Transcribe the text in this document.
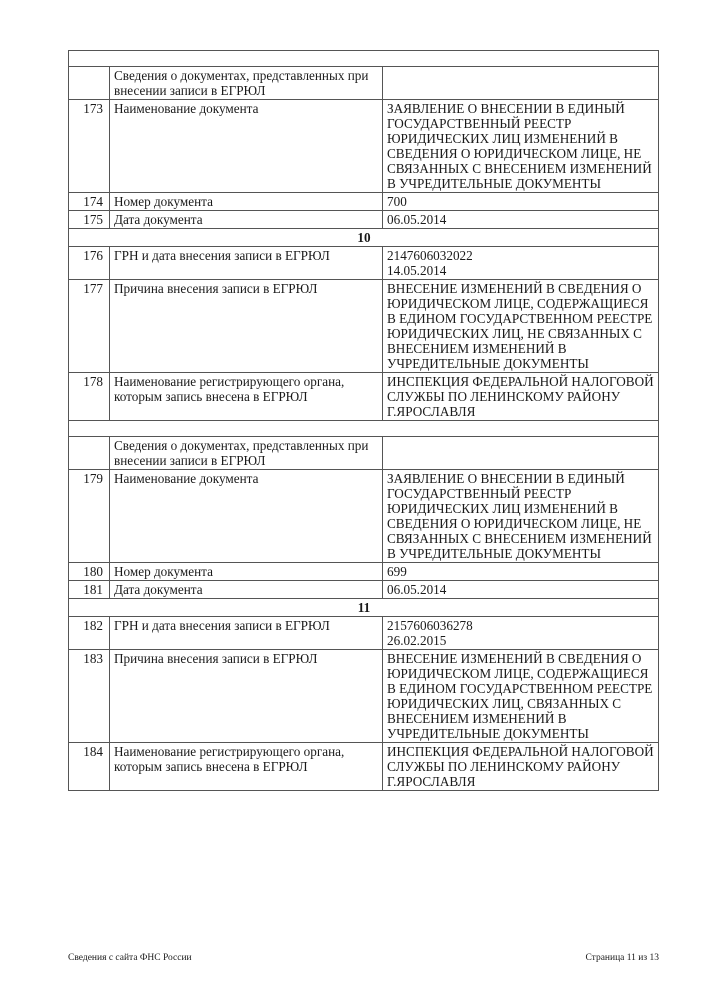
	Сведения о документах, представленных при внесении записи в ЕГРЮЛ	
173	Наименование документа	ЗАЯВЛЕНИЕ О ВНЕСЕНИИ В ЕДИНЫЙ ГОСУДАРСТВЕННЫЙ РЕЕСТР ЮРИДИЧЕСКИХ ЛИЦ ИЗМЕНЕНИЙ В СВЕДЕНИЯ О ЮРИДИЧЕСКОМ ЛИЦЕ, НЕ СВЯЗАННЫХ С ВНЕСЕНИЕМ ИЗМЕНЕНИЙ В УЧРЕДИТЕЛЬНЫЕ ДОКУМЕНТЫ
174	Номер документа	700
175	Дата документа	06.05.2014
10		
176	ГРН и дата внесения записи в ЕГРЮЛ	2147606032022
14.05.2014
177	Причина внесения записи в ЕГРЮЛ	ВНЕСЕНИЕ ИЗМЕНЕНИЙ В СВЕДЕНИЯ О ЮРИДИЧЕСКОМ ЛИЦЕ, СОДЕРЖАЩИЕСЯ В ЕДИНОМ ГОСУДАРСТВЕННОМ РЕЕСТРЕ ЮРИДИЧЕСКИХ ЛИЦ, НЕ СВЯЗАННЫХ С ВНЕСЕНИЕМ ИЗМЕНЕНИЙ В УЧРЕДИТЕЛЬНЫЕ ДОКУМЕНТЫ
178	Наименование регистрирующего органа, которым запись внесена в ЕГРЮЛ	ИНСПЕКЦИЯ ФЕДЕРАЛЬНОЙ НАЛОГОВОЙ СЛУЖБЫ ПО ЛЕНИНСКОМУ РАЙОНУ Г.ЯРОСЛАВЛЯ

	Сведения о документах, представленных при внесении записи в ЕГРЮЛ	
179	Наименование документа	ЗАЯВЛЕНИЕ О ВНЕСЕНИИ В ЕДИНЫЙ ГОСУДАРСТВЕННЫЙ РЕЕСТР ЮРИДИЧЕСКИХ ЛИЦ ИЗМЕНЕНИЙ В СВЕДЕНИЯ О ЮРИДИЧЕСКОМ ЛИЦЕ, НЕ СВЯЗАННЫХ С ВНЕСЕНИЕМ ИЗМЕНЕНИЙ В УЧРЕДИТЕЛЬНЫЕ ДОКУМЕНТЫ
180	Номер документа	699
181	Дата документа	06.05.2014
11		
182	ГРН и дата внесения записи в ЕГРЮЛ	2157606036278
26.02.2015
183	Причина внесения записи в ЕГРЮЛ	ВНЕСЕНИЕ ИЗМЕНЕНИЙ В СВЕДЕНИЯ О ЮРИДИЧЕСКОМ ЛИЦЕ, СОДЕРЖАЩИЕСЯ В ЕДИНОМ ГОСУДАРСТВЕННОМ РЕЕСТРЕ ЮРИДИЧЕСКИХ ЛИЦ, СВЯЗАННЫХ С ВНЕСЕНИЕМ ИЗМЕНЕНИЙ В УЧРЕДИТЕЛЬНЫЕ ДОКУМЕНТЫ
184	Наименование регистрирующего органа, которым запись внесена в ЕГРЮЛ	ИНСПЕКЦИЯ ФЕДЕРАЛЬНОЙ НАЛОГОВОЙ СЛУЖБЫ ПО ЛЕНИНСКОМУ РАЙОНУ Г.ЯРОСЛАВЛЯ
Сведения с сайта ФНС России	Страница 11 из 13
